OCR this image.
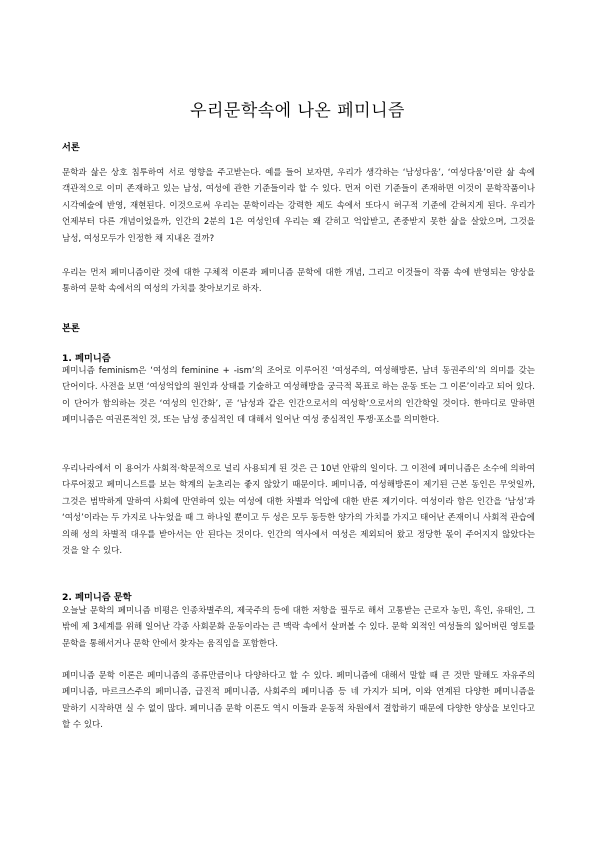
우리문학속에 나온 페미니즘
서론

문학과 삶은 상호 침투하여 서로 영향을 주고받는다. 예를 들어 보자면, 우리가 생각하는 ‘남성다움’, ‘여성다움’이란 삶 속에 객관적으로 이미 존재하고 있는 남성, 여성에 관한 기준들이라 할 수 있다. 먼저 이런 기준들이 존재하면 이것이 문학작품이나 시각예술에 반영, 재현된다. 이것으로써 우리는 문학이라는 강력한 제도 속에서 또다시 허구적 기준에 갇혀지게 된다. 우리가 언제부터 다른 개념이었을까, 인간의 2분의 1은 여성인데 우리는 왜 갇히고 억압받고, 존중받지 못한 삶을 살았으며, 그것을 남성, 여성모두가 인정한 채 지내온 걸까?

우리는 먼저 페미니즘이란 것에 대한 구체적 이론과 페미니즘 문학에 대한 개념, 그리고 이것들이 작품 속에 반영되는 양상을 통하여 문학 속에서의 여성의 가치를 찾아보기로 하자.

본론
1. 페미니즘

페미니즘 feminism은 ‘여성의 feminine + -ism’의 조어로 이루어진 ‘여성주의, 여성해방론, 남녀 동권주의’의 의미를 갖는 단어이다. 사전을 보면 ‘여성억압의 원인과 상태를 기술하고 여성해방을 궁극적 목표로 하는 운동 또는 그 이론’이라고 되어 있다. 이 단어가 함의하는 것은 ‘여성의 인간화’, 곧 ‘남성과 같은 인간으로서의 여성학’으로서의 인간학일 것이다. 한마디로 말하면 페미니즘은 여권론적인 것, 또는 남성 중심적인 데 대해서 일어난 여성 중심적인 투쟁·포소를 의미한다.

우리나라에서 이 용어가 사회적·학문적으로 널리 사용되게 된 것은 근 10년 안팎의 일이다. 그 이전에 페미니즘은 소수에 의하여 다루어졌고 페미니스트를 보는 학계의 눈초리는 좋지 않았기 때문이다. 페미니즘, 여성해방론이 제기된 근본 동인은 무엇일까, 그것은 범박하게 말하여 사회에 만연하여 있는 여성에 대한 차별과 억압에 대한 반론 제기이다. 여성이라 함은 인간을 ‘남성’과 ‘여성’이라는 두 가지로 나누었을 때 그 하나일 뿐이고 두 성은 모두 동등한 양가의 가치를 가지고 태어난 존재이니 사회적 관습에 의해 성의 차별적 대우를 받아서는 안 된다는 것이다. 인간의 역사에서 여성은 제외되어 왔고 정당한 몫이 주어지지 않았다는 것을 알 수 있다.

2. 페미니즘 문학

오늘날 문학의 페미니즘 비평은 인종차별주의, 제국주의 등에 대한 저항을 필두로 해서 고통받는 근로자 농민, 흑인, 유태인, 그 밖에 제 3세계를 위해 일어난 각종 사회문화 운동이라는 큰 맥락 속에서 살펴볼 수 있다. 문학 외적인 여성들의 잃어버린 영토를 문학을 통해서거나 문학 안에서 찾자는 움직임을 포함한다.

페미니즘 문학 이론은 페미니즘의 종류만큼이나 다양하다고 할 수 있다. 페미니즘에 대해서 말할 때 큰 것만 말해도 자유주의 페미니즘, 마르크스주의 페미니즘, 급진적 페미니즘, 사회주의 페미니즘 등 네 가지가 되며, 이와 연계된 다양한 페미니즘을 말하기 시작하면 실 수 없이 많다. 페미니즘 문학 이론도 역시 이들과 운동적 차원에서 결합하기 때문에 다양한 양상을 보인다고 할 수 있다.
